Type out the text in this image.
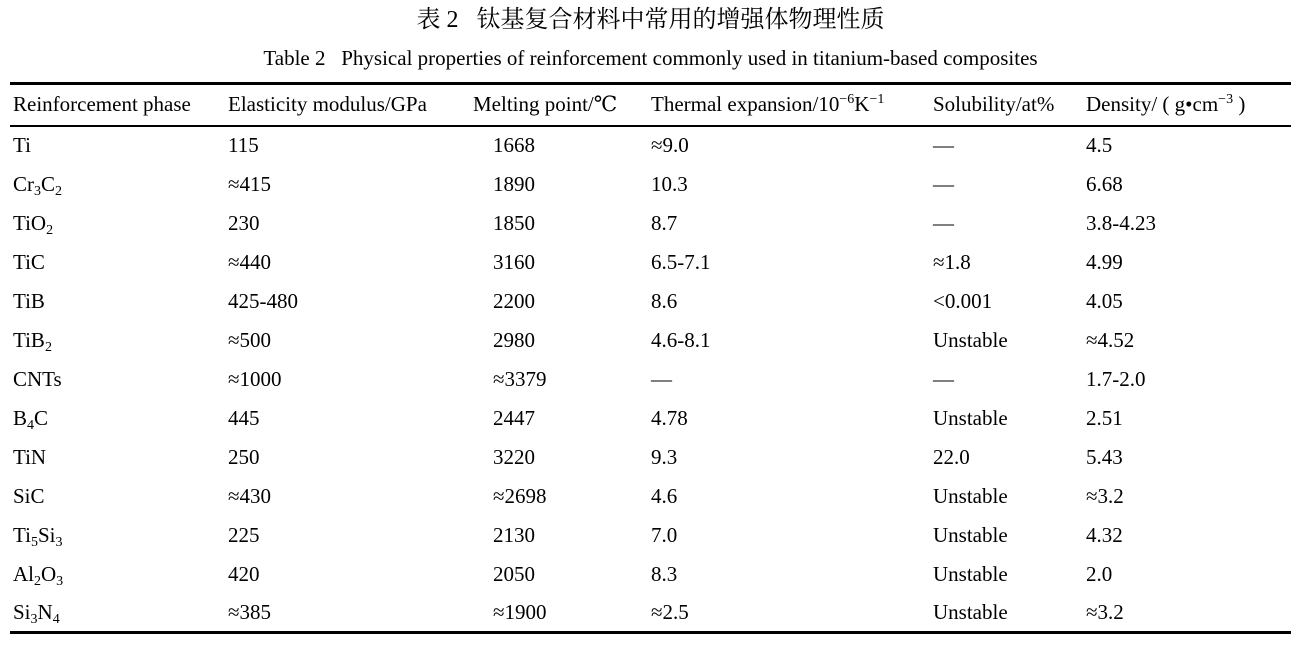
表 2   钛基复合材料中常用的增强体物理性质
Table 2   Physical properties of reinforcement commonly used in titanium-based composites
Reinforcement phase	Elasticity modulus/GPa	Melting point/℃	Thermal expansion/$10^{-6}K^{-1}$	Solubility/at%	Density/ ( $g•cm^{-3}$ )
Ti	115	1668	≈9.0	—	4.5
$Cr_3C_2$	≈415	1890	10.3	—	6.68
TiO$_2$	230	1850	8.7	—	3.8-4.23
TiC	≈440	3160	6.5-7.1	≈1.8	4.99
TiB	425-480	2200	8.6	<0.001	4.05
TiB$_2$	≈500	2980	4.6-8.1	Unstable	≈4.52
CNTs	≈1000	≈3379	—	—	1.7-2.0
$B_4C$	445	2447	4.78	Unstable	2.51
TiN	250	3220	9.3	22.0	5.43
SiC	≈430	≈2698	4.6	Unstable	≈3.2
$Ti_5Si_3$	225	2130	7.0	Unstable	4.32
$Al_2O_3$	420	2050	8.3	Unstable	2.0
$Si_3N_4$	≈385	≈1900	≈2.5	Unstable	≈3.2
